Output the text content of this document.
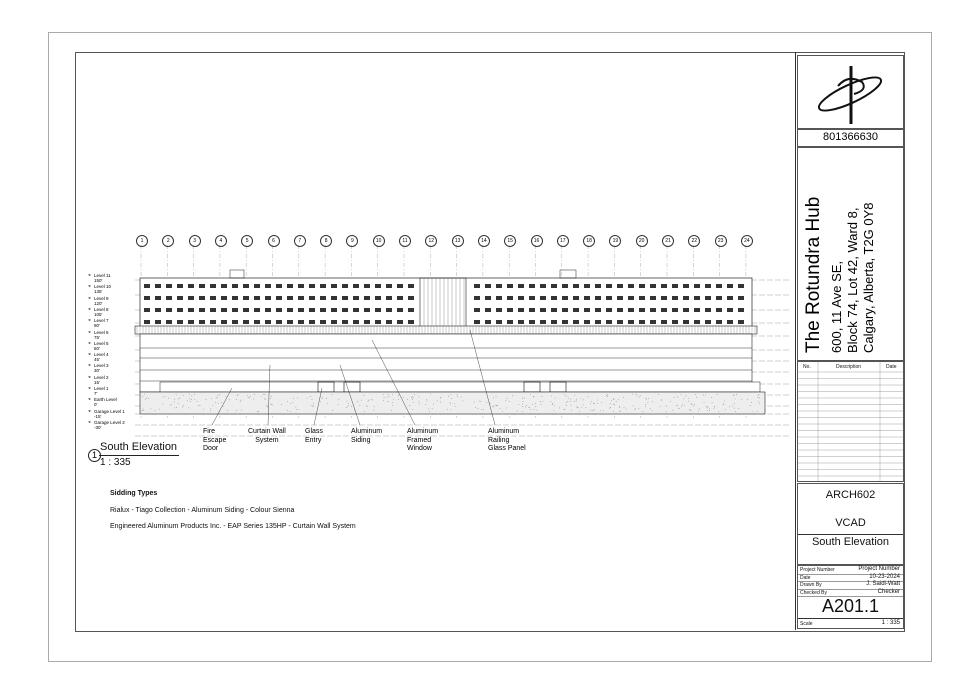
◒ Level 11
150'
◒ Level 10
135'
◒ Level 9
120'
◒ Level 8
105'
◒ Level 7
90'
◒ Level 6
75'
◒ Level 5
60'
◒ Level 4
45'
◒ Level 3
30'
◒ Level 2
15'
◒ Level 1
7'
◒ Earth Level
0'
◒ Garage Level 1
-15'
◒ Garage Level 2
-30'
1	2	3	4	5	6	7	8	9	10	11	12	13	14	15	16	17	18	19	20	21	22	23	24
Fire
Escape
Door
Curtain Wall
System

Glass
Entry

Aluminum
Siding

Aluminum
Framed
Window
Aluminum
Railing
Glass Panel
1
South Elevation
1 : 335
Sidding Types
Rialux - Tiago Collection - Aluminum Siding - Colour Sienna
Engineered Aluminum Products Inc. - EAP Series 135HP - Curtain Wall System
801366630
The Rotundra Hub 600, 11 Ave SE, Block 74, Lot 42, Ward 8, Calgary, Alberta, T2G 0Y8
No.	Description	Date
ARCH602
VCAD
South Elevation
Project Number	Project Number
Date	10-23-2024
Drawn By	J. Saidi-Watt
Checked By	Checker
A201.1
Scale	1 : 335
